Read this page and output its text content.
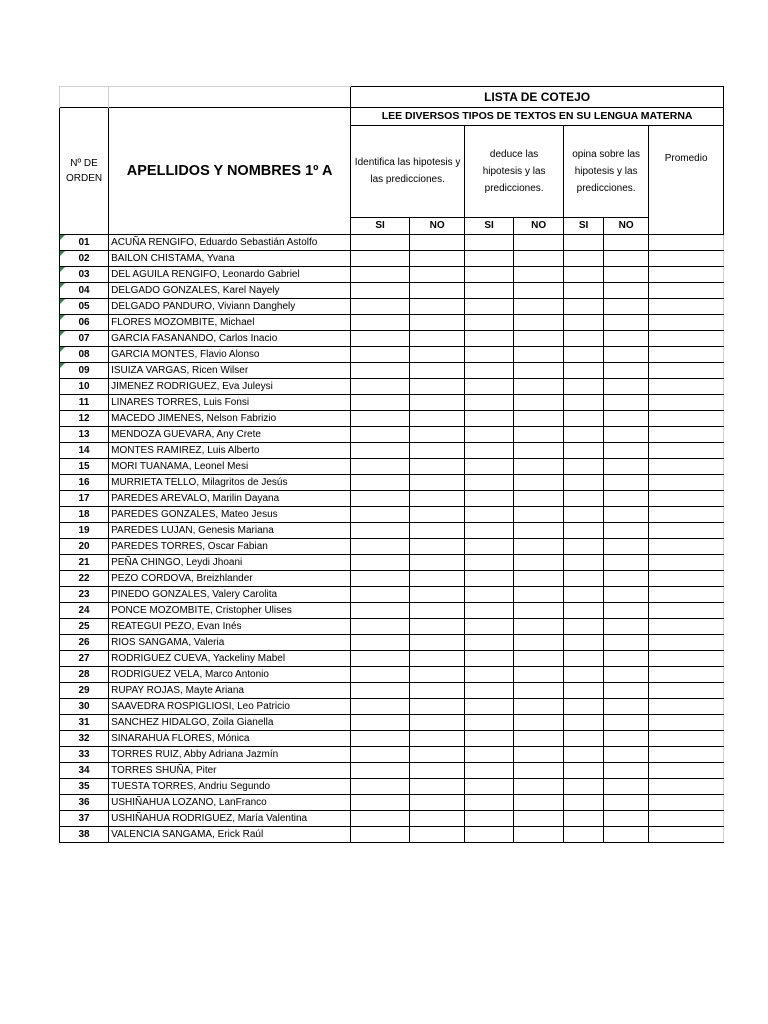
		LISTA DE COTEJO						
Nº DE ORDEN	APELLIDOS Y NOMBRES 1º A	LEE DIVERSOS TIPOS DE TEXTOS EN SU LENGUA MATERNA						
		Identifica las hipotesis y las predicciones.		deduce las hipotesis y las predicciones.		opina sobre las hipotesis y las predicciones.		Promedio
		SI	NO	SI	NO	SI	NO	
01	ACUÑA RENGIFO, Eduardo Sebastián Astolfo							
02	BAILON CHISTAMA, Yvana							
03	DEL AGUILA RENGIFO, Leonardo Gabriel							
04	DELGADO GONZALES, Karel Nayely							
05	DELGADO PANDURO, Viviann Danghely							
06	FLORES MOZOMBITE, Michael							
07	GARCIA FASANANDO, Carlos Inacio							
08	GARCIA MONTES, Flavio Alonso							
09	ISUIZA VARGAS, Ricen Wilser							
10	JIMENEZ RODRIGUEZ, Eva Juleysi							
11	LINARES TORRES, Luis Fonsi							
12	MACEDO JIMENES, Nelson Fabrizio							
13	MENDOZA GUEVARA, Any Crete							
14	MONTES RAMIREZ, Luis Alberto							
15	MORI TUANAMA, Leonel Mesi							
16	MURRIETA TELLO, Milagritos de Jesús							
17	PAREDES AREVALO, Marilin Dayana							
18	PAREDES GONZALES, Mateo Jesus							
19	PAREDES LUJAN, Genesis Mariana							
20	PAREDES TORRES, Oscar Fabian							
21	PEÑA CHINGO, Leydi Jhoani							
22	PEZO CORDOVA, Breizhlander							
23	PINEDO GONZALES, Valery Carolita							
24	PONCE MOZOMBITE, Cristopher Ulises							
25	REATEGUI PEZO, Evan Inés							
26	RIOS SANGAMA, Valeria							
27	RODRIGUEZ CUEVA, Yackeliny Mabel							
28	RODRIGUEZ VELA, Marco Antonio							
29	RUPAY ROJAS, Mayte Ariana							
30	SAAVEDRA ROSPIGLIOSI, Leo Patricio							
31	SANCHEZ HIDALGO, Zoila Gianella							
32	SINARAHUA FLORES, Mónica							
33	TORRES RUIZ, Abby Adriana Jazmín							
34	TORRES SHUÑA, Piter							
35	TUESTA TORRES, Andriu Segundo							
36	USHIÑAHUA LOZANO, LanFranco							
37	USHIÑAHUA RODRIGUEZ, María Valentina							
38	VALENCIA SANGAMA, Erick Raúl							
